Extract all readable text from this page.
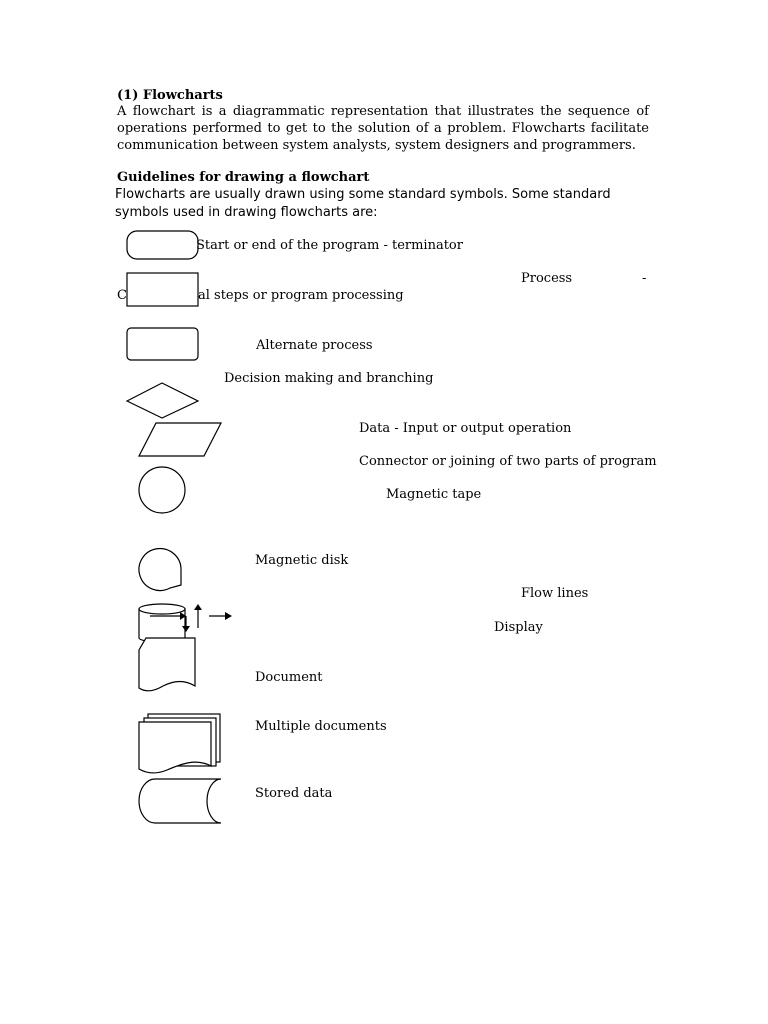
(1) Flowcharts

A flowchart is a diagrammatic representation that illustrates the sequence of operations performed to get to the solution of a problem. Flowcharts facilitate communication between system analysts, system designers and programmers.

Guidelines for drawing a flowchart

Flowcharts are usually drawn using some standard symbols. Some standard symbols used in drawing flowcharts are:

Start or end of the program - terminator
Process	-
C	al steps or program processing
Alternate process
Decision making and branching
Data - Input or output operation
Connector or joining of two parts of program
Magnetic tape
Magnetic disk
Flow lines
Display
Document
Multiple documents
Stored data
